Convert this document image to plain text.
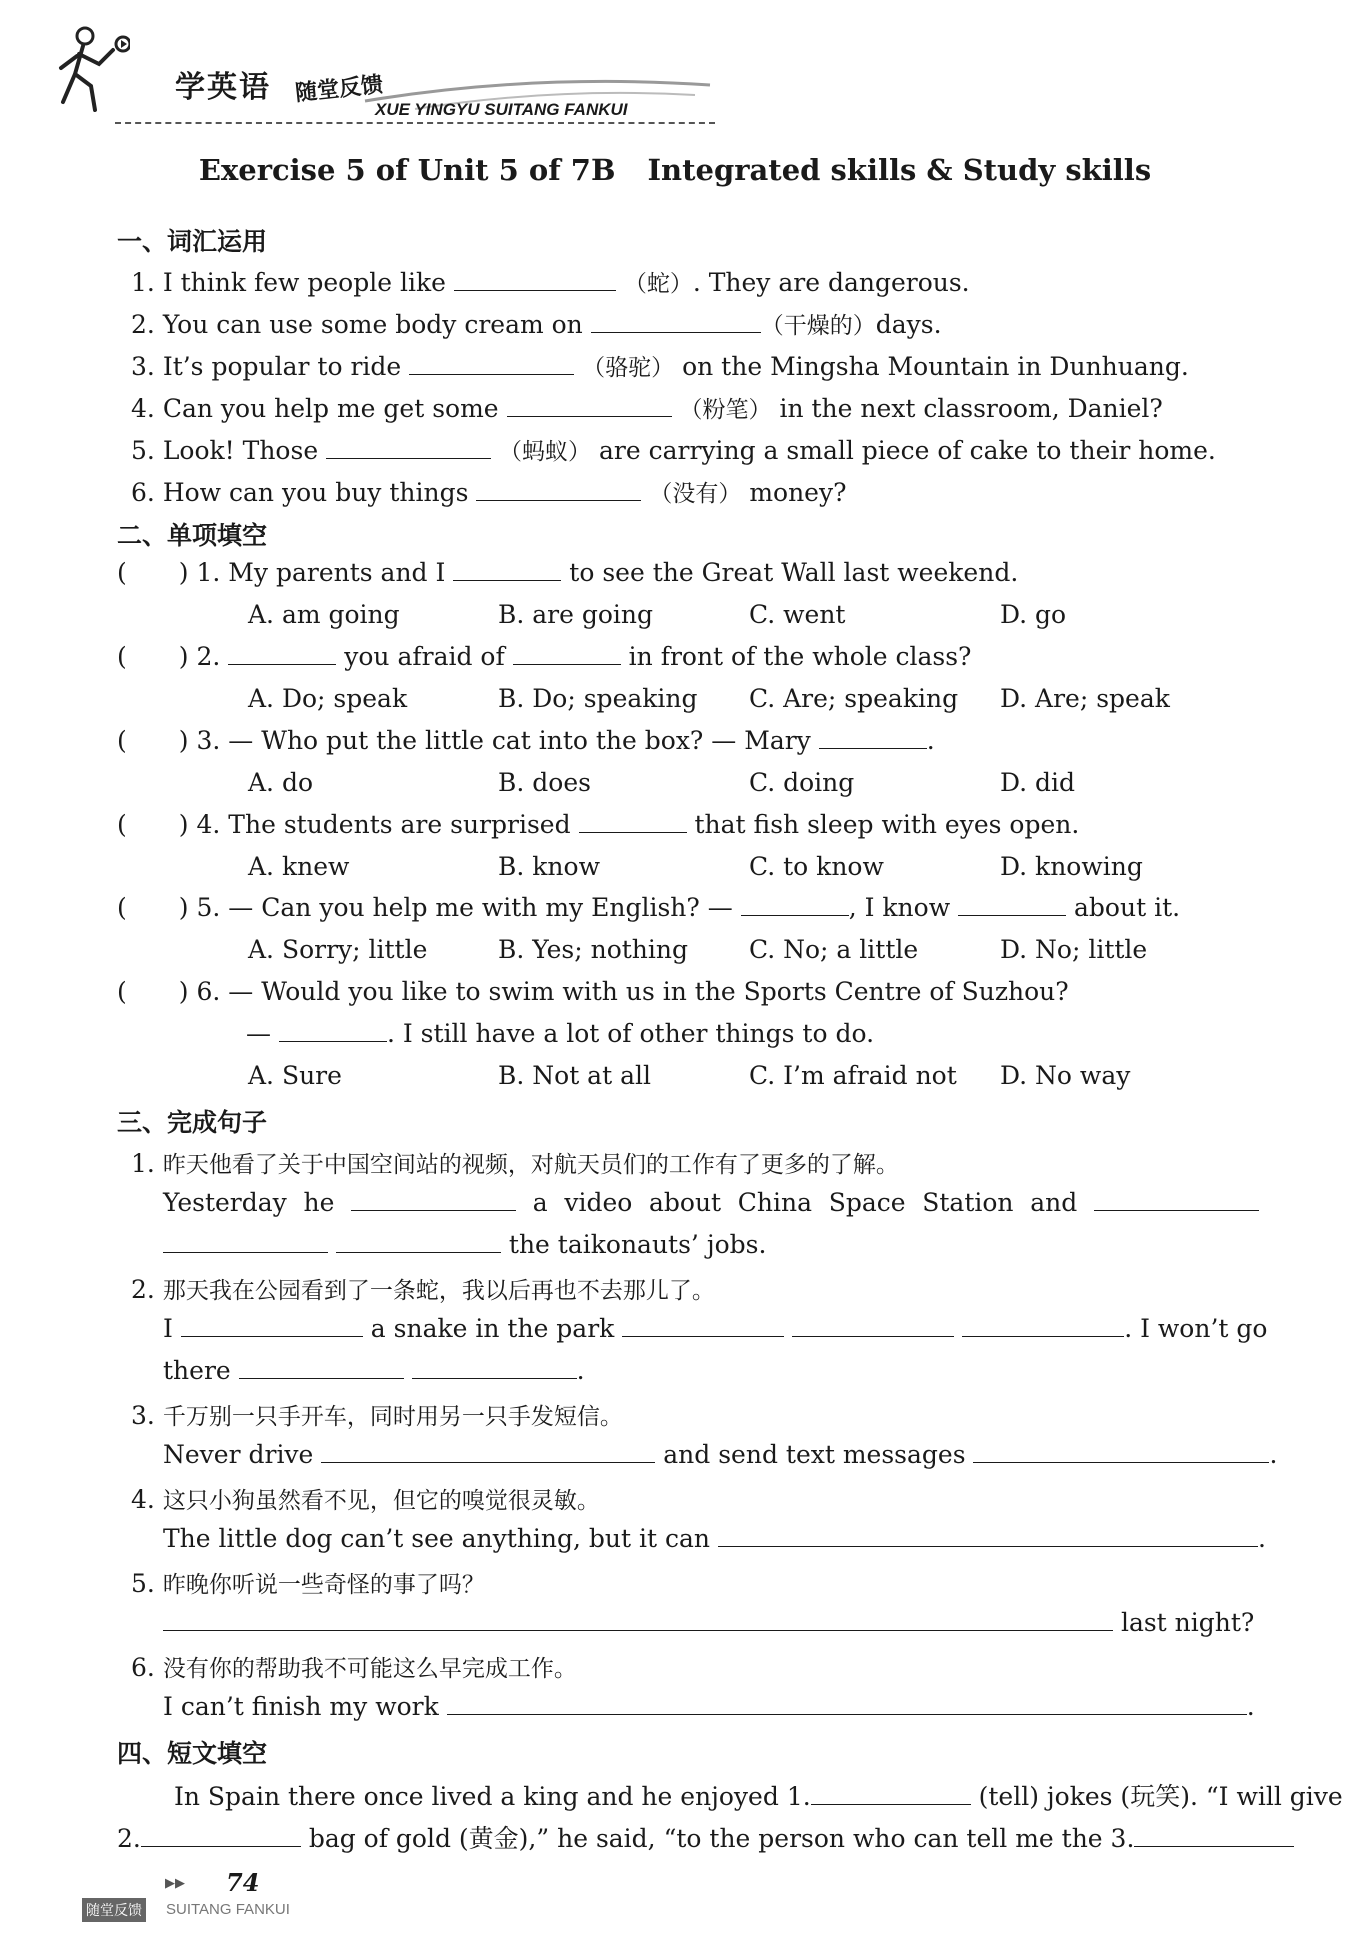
学英语 随堂反馈
XUE YINGYU SUITANG FANKUI
Exercise 5 of Unit 5 of 7B Integrated skills & Study skills
一、词汇运用
1. I think few people like	（蛇）. They are dangerous.
2. You can use some body cream on	（干燥的）days.
3. It’s popular to ride	（骆驼） on the Mingsha Mountain in Dunhuang.
4. Can you help me get some	（粉笔） in the next classroom, Daniel?
5. Look! Those	（蚂蚁） are carrying a small piece of cake to their home.
6. How can you buy things	（没有） money?
二、单项填空
( ) 1. My parents and I	to see the Great Wall last weekend.
A. am going	B. are going	C. went	D. go
( ) 2.	you afraid of	in front of the whole class?
A. Do; speak	B. Do; speaking C. Are; speaking D. Are; speak
( ) 3. — Who put the little cat into the box? — Mary	.
A. do	B. does	C. doing	D. did
( ) 4. The students are surprised	that fish sleep with eyes open.
A. knew	B. know	C. to know	D. knowing
( ) 5. — Can you help me with my English? —	, I know	about it.
A. Sorry; little	B. Yes; nothing C. No; a little	D. No; little
( ) 6. — Would you like to swim with us in the Sports Centre of Suzhou?
—	. I still have a lot of other things to do.
A. Sure	B. Not at all	C. I’m afraid not D. No way
三、完成句子
1. 昨天他看了关于中国空间站的视频，对航天员们的工作有了更多的了解。
Yesterday he	a video about China Space Station and
the taikonauts’ jobs.
2. 那天我在公园看到了一条蛇，我以后再也不去那儿了。
I	a snake in the park	. I won’t go
there	.
3. 千万别一只手开车，同时用另一只手发短信。
Never drive	and send text messages	.
4. 这只小狗虽然看不见，但它的嗅觉很灵敏。
The little dog can’t see anything, but it can	.
5. 昨晚你听说一些奇怪的事了吗？
last night?
6. 没有你的帮助我不可能这么早完成工作。
I can’t finish my work	.
四、短文填空
In Spain there once lived a king and he enjoyed 1.	(tell) jokes (玩笑). “I will give
2.	bag of gold (黄金),” he said, “to the person who can tell me the 3.
▶▶ 74
随堂反馈 SUITANG FANKUI
